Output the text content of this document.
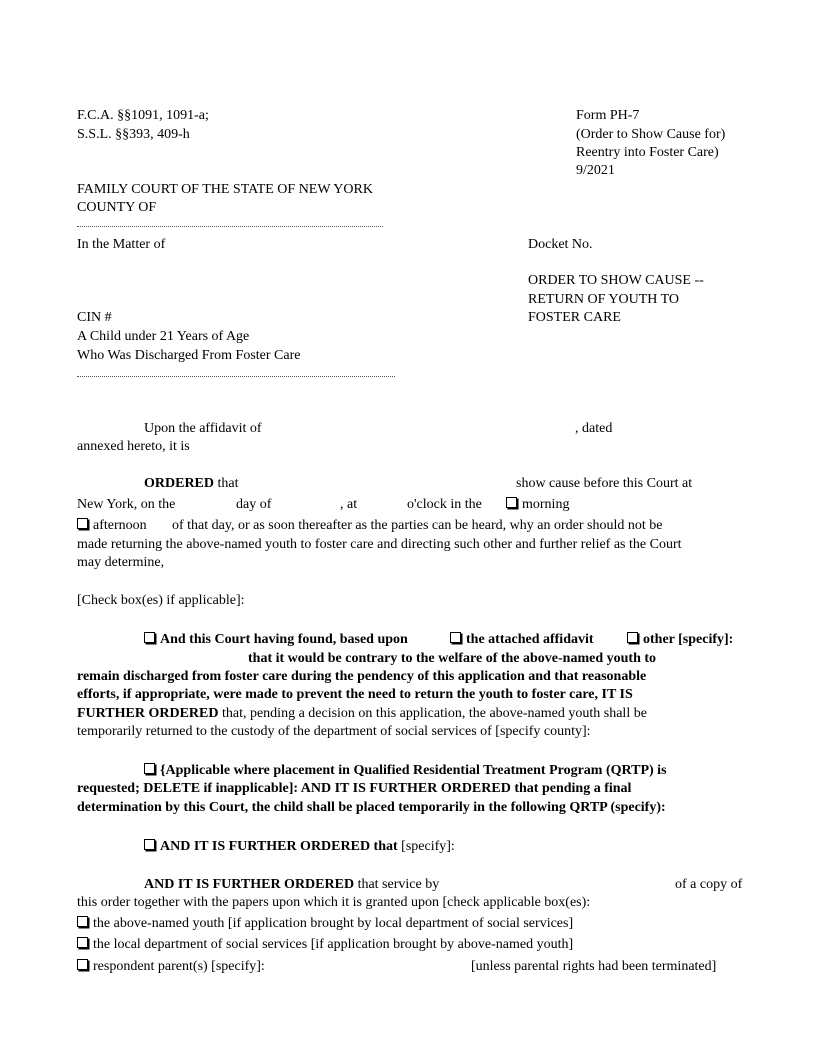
F.C.A. §§1091, 1091-a;
S.S.L. §§393, 409-h
Form PH-7
(Order to Show Cause for)
Reentry into Foster Care)
9/2021
FAMILY COURT OF THE STATE OF NEW YORK
COUNTY OF
In the Matter of	Docket No.
ORDER TO SHOW CAUSE --
RETURN OF YOUTH TO
FOSTER CARE
CIN #
A Child under 21 Years of Age
Who Was Discharged From Foster Care
Upon the affidavit of	, dated
annexed hereto, it is
ORDERED that	show cause before this Court at
New York, on the	day of	, at	o'clock in the	morning
afternoon of that day, or as soon thereafter as the parties can be heard, why an order should not be
made returning the above-named youth to foster care and directing such other and further relief as the Court
may determine,
[Check box(es) if applicable]:
And this Court having found, based upon	the attached affidavit	other [specify]:
that it would be contrary to the welfare of the above-named youth to
remain discharged from foster care during the pendency of this application and that reasonable
efforts, if appropriate, were made to prevent the need to return the youth to foster care, IT IS
FURTHER ORDERED that, pending a decision on this application, the above-named youth shall be
temporarily returned to the custody of the department of social services of [specify county]:
{Applicable where placement in Qualified Residential Treatment Program (QRTP) is
requested; DELETE if inapplicable]: AND IT IS FURTHER ORDERED that pending a final
determination by this Court, the child shall be placed temporarily in the following QRTP (specify):
AND IT IS FURTHER ORDERED that [specify]:
AND IT IS FURTHER ORDERED that service by	of a copy of
this order together with the papers upon which it is granted upon [check applicable box(es):
the above-named youth [if application brought by local department of social services]
the local department of social services [if application brought by above-named youth]
respondent parent(s) [specify]:	[unless parental rights had been terminated]
